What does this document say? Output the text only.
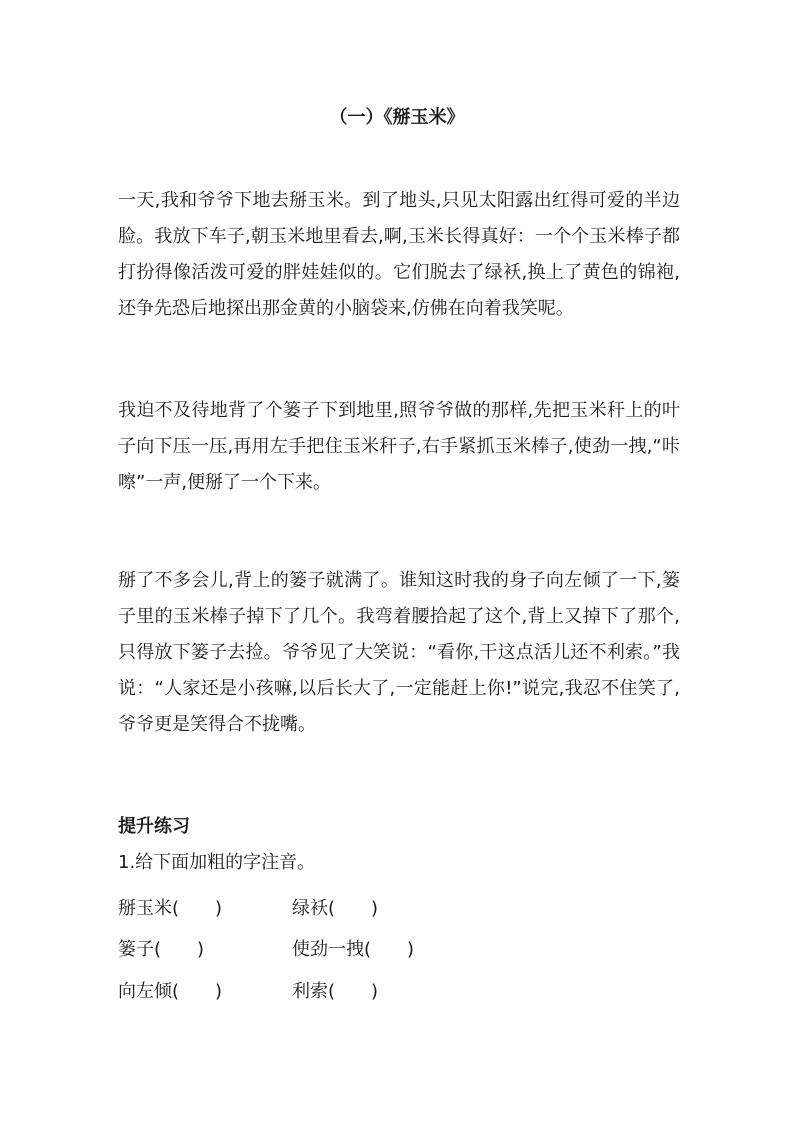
（一）《掰玉米》

一天,我和爷爷下地去掰玉米。到了地头,只见太阳露出红得可爱的半边脸。我放下车子,朝玉米地里看去,啊,玉米长得真好：一个个玉米棒子都打扮得像活泼可爱的胖娃娃似的。它们脱去了绿袄,换上了黄色的锦袍,还争先恐后地探出那金黄的小脑袋来,仿佛在向着我笑呢。

我迫不及待地背了个篓子下到地里,照爷爷做的那样,先把玉米秆上的叶子向下压一压,再用左手把住玉米秆子,右手紧抓玉米棒子,使劲一拽,“咔嚓”一声,便掰了一个下来。

掰了不多会儿,背上的篓子就满了。谁知这时我的身子向左倾了一下,篓子里的玉米棒子掉下了几个。我弯着腰拾起了这个,背上又掉下了那个,只得放下篓子去捡。爷爷见了大笑说：“看你,干这点活儿还不利索。”我说：“人家还是小孩嘛,以后长大了,一定能赶上你!”说完,我忍不住笑了,爷爷更是笑得合不拢嘴。

提升练习
1.给下面加粗的字注音。
掰玉米(　　)	绿袄(　　)
篓子(　　)	使劲一拽(　　)
向左倾(　　)	利索(　　)
